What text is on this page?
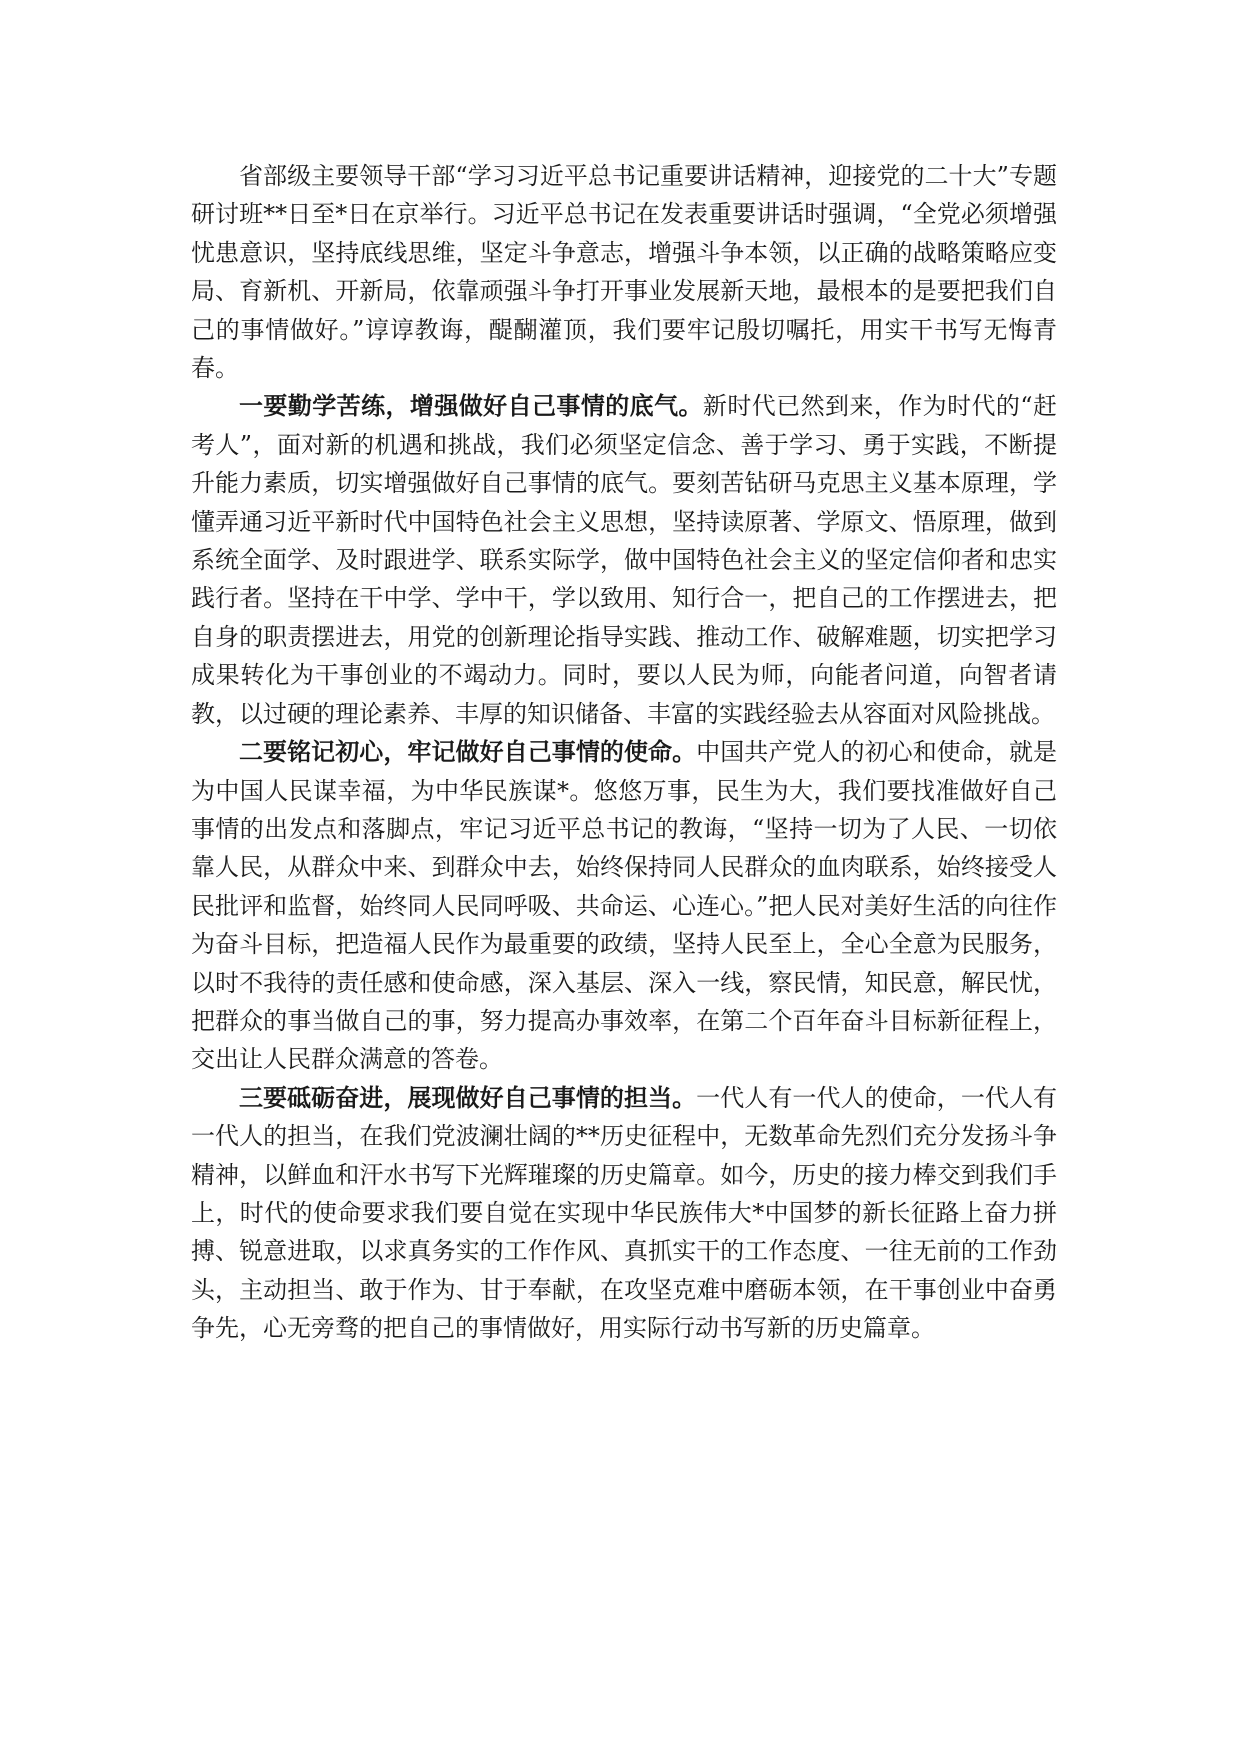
省部级主要领导干部“学习习近平总书记重要讲话精神，迎接党的二十大”专题研讨班**日至*日在京举行。习近平总书记在发表重要讲话时强调，“全党必须增强忧患意识，坚持底线思维，坚定斗争意志，增强斗争本领，以正确的战略策略应变局、育新机、开新局，依靠顽强斗争打开事业发展新天地，最根本的是要把我们自己的事情做好。”谆谆教诲，醍醐灌顶，我们要牢记殷切嘱托，用实干书写无悔青春。

一要勤学苦练，增强做好自己事情的底气。新时代已然到来，作为时代的“赶考人”，面对新的机遇和挑战，我们必须坚定信念、善于学习、勇于实践，不断提升能力素质，切实增强做好自己事情的底气。要刻苦钻研马克思主义基本原理，学懂弄通习近平新时代中国特色社会主义思想，坚持读原著、学原文、悟原理，做到系统全面学、及时跟进学、联系实际学，做中国特色社会主义的坚定信仰者和忠实践行者。坚持在干中学、学中干，学以致用、知行合一，把自己的工作摆进去，把自身的职责摆进去，用党的创新理论指导实践、推动工作、破解难题，切实把学习成果转化为干事创业的不竭动力。同时，要以人民为师，向能者问道，向智者请教，以过硬的理论素养、丰厚的知识储备、丰富的实践经验去从容面对风险挑战。

二要铭记初心，牢记做好自己事情的使命。中国共产党人的初心和使命，就是为中国人民谋幸福，为中华民族谋*。悠悠万事，民生为大，我们要找准做好自己事情的出发点和落脚点，牢记习近平总书记的教诲，“坚持一切为了人民、一切依靠人民，从群众中来、到群众中去，始终保持同人民群众的血肉联系，始终接受人民批评和监督，始终同人民同呼吸、共命运、心连心。”把人民对美好生活的向往作为奋斗目标，把造福人民作为最重要的政绩，坚持人民至上，全心全意为民服务，以时不我待的责任感和使命感，深入基层、深入一线，察民情，知民意，解民忧，把群众的事当做自己的事，努力提高办事效率，在第二个百年奋斗目标新征程上，交出让人民群众满意的答卷。

三要砥砺奋进，展现做好自己事情的担当。一代人有一代人的使命，一代人有一代人的担当，在我们党波澜壮阔的**历史征程中，无数革命先烈们充分发扬斗争精神，以鲜血和汗水书写下光辉璀璨的历史篇章。如今，历史的接力棒交到我们手上，时代的使命要求我们要自觉在实现中华民族伟大*中国梦的新长征路上奋力拼搏、锐意进取，以求真务实的工作作风、真抓实干的工作态度、一往无前的工作劲头，主动担当、敢于作为、甘于奉献，在攻坚克难中磨砺本领，在干事创业中奋勇争先，心无旁骛的把自己的事情做好，用实际行动书写新的历史篇章。
